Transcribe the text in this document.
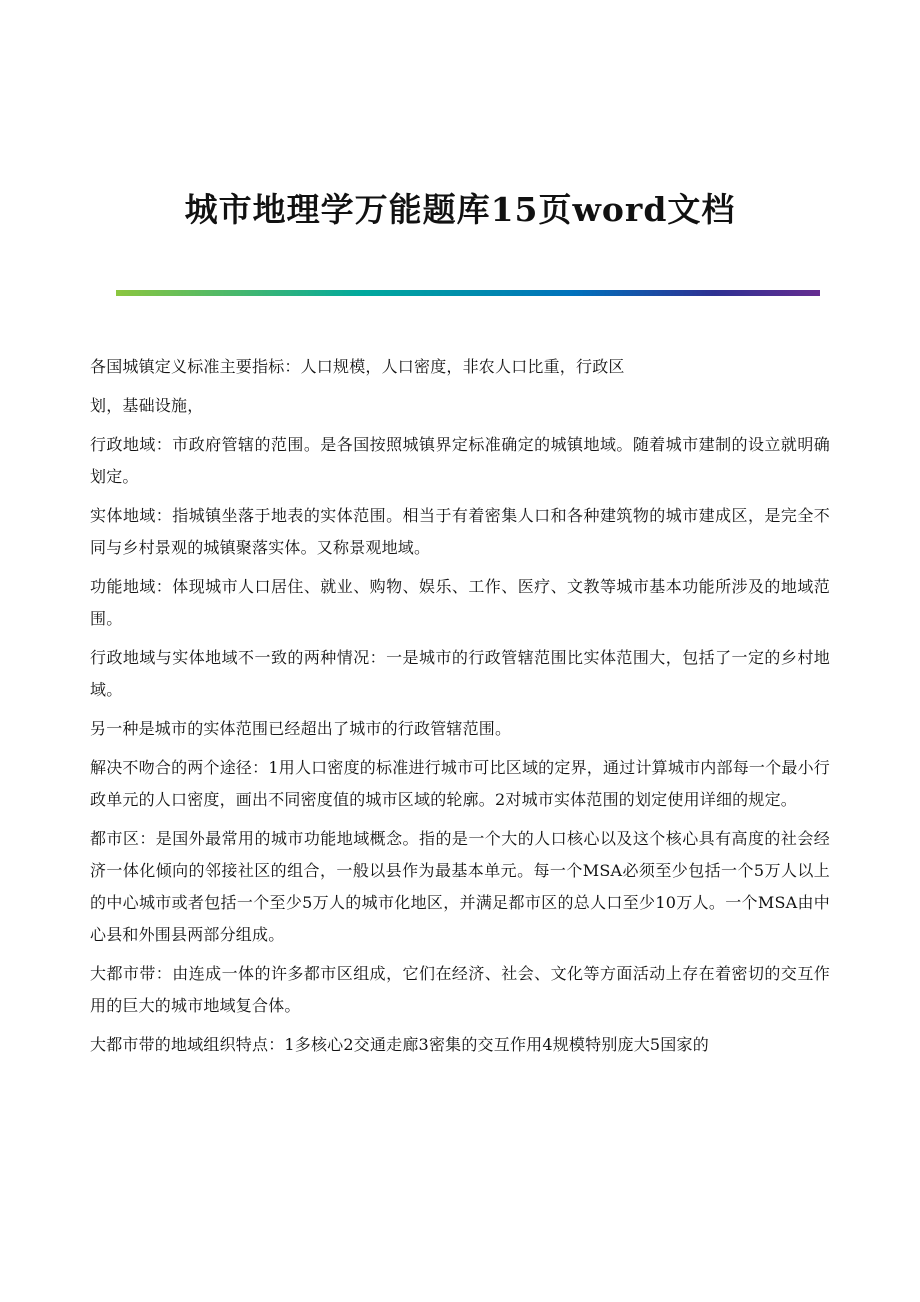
城市地理学万能题库15页word文档

各国城镇定义标准主要指标：人口规模，人口密度，非农人口比重，行政区

划，基础设施，

行政地域：市政府管辖的范围。是各国按照城镇界定标准确定的城镇地域。随着城市建制的设立就明确划定。

实体地域：指城镇坐落于地表的实体范围。相当于有着密集人口和各种建筑物的城市建成区，是完全不同与乡村景观的城镇聚落实体。又称景观地域。

功能地域：体现城市人口居住、就业、购物、娱乐、工作、医疗、文教等城市基本功能所涉及的地域范围。

行政地域与实体地域不一致的两种情况：一是城市的行政管辖范围比实体范围大，包括了一定的乡村地域。

另一种是城市的实体范围已经超出了城市的行政管辖范围。

解决不吻合的两个途径：1用人口密度的标准进行城市可比区域的定界，通过计算城市内部每一个最小行政单元的人口密度，画出不同密度值的城市区域的轮廓。2对城市实体范围的划定使用详细的规定。

都市区：是国外最常用的城市功能地域概念。指的是一个大的人口核心以及这个核心具有高度的社会经济一体化倾向的邻接社区的组合，一般以县作为最基本单元。每一个MSA必须至少包括一个5万人以上的中心城市或者包括一个至少5万人的城市化地区，并满足都市区的总人口至少10万人。一个MSA由中心县和外围县两部分组成。

大都市带：由连成一体的许多都市区组成，它们在经济、社会、文化等方面活动上存在着密切的交互作用的巨大的城市地域复合体。

大都市带的地域组织特点：1多核心2交通走廊3密集的交互作用4规模特别庞大5国家的
